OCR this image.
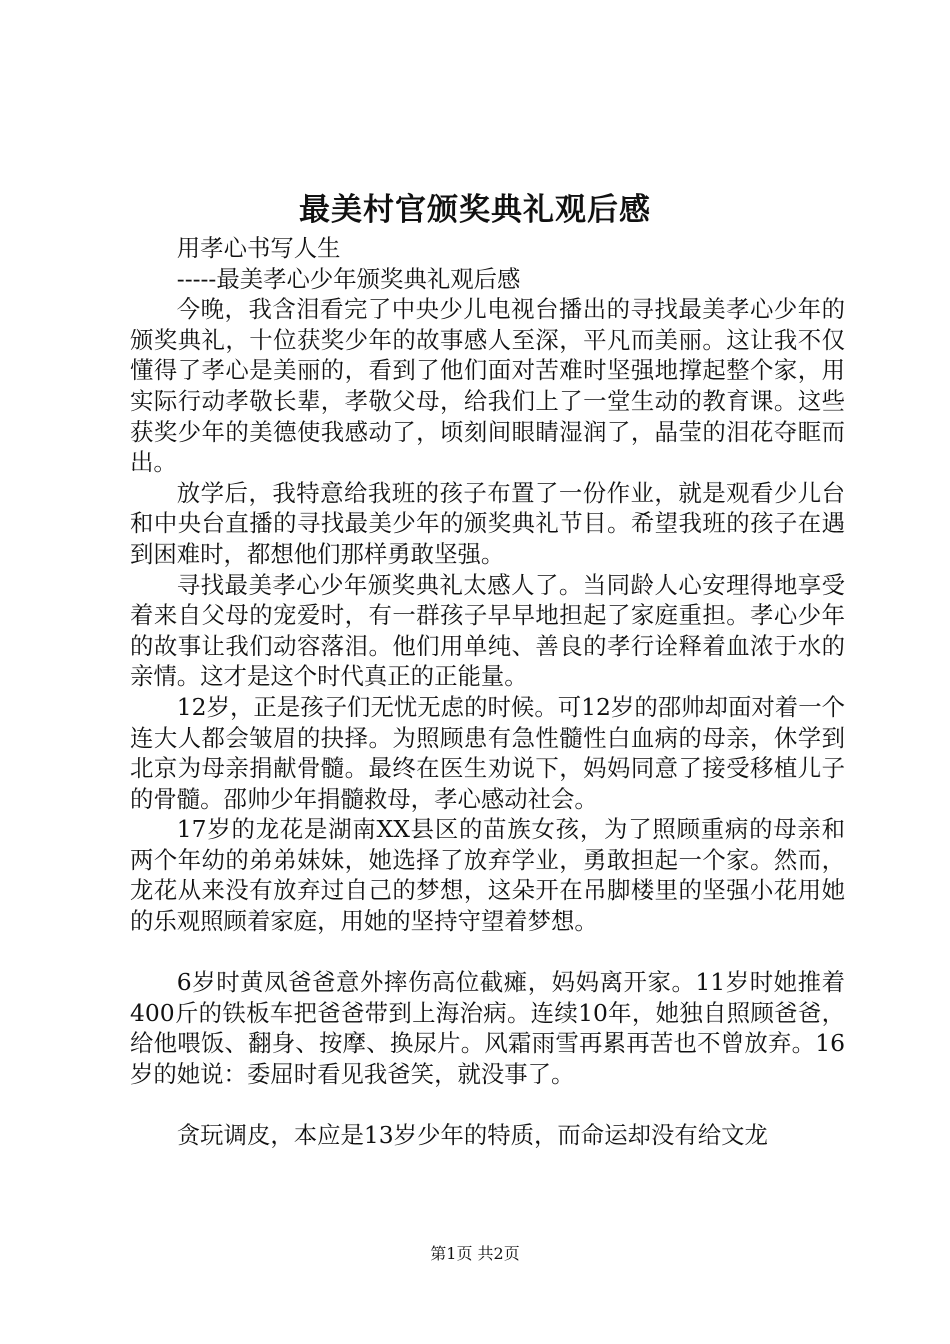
最美村官颁奖典礼观后感

用孝心书写人生

-----最美孝心少年颁奖典礼观后感

今晚，我含泪看完了中央少儿电视台播出的寻找最美孝心少年的颁奖典礼，十位获奖少年的故事感人至深，平凡而美丽。这让我不仅懂得了孝心是美丽的，看到了他们面对苦难时坚强地撑起整个家，用实际行动孝敬长辈，孝敬父母，给我们上了一堂生动的教育课。这些获奖少年的美德使我感动了，顷刻间眼睛湿润了，晶莹的泪花夺眶而出。

放学后，我特意给我班的孩子布置了一份作业，就是观看少儿台和中央台直播的寻找最美少年的颁奖典礼节目。希望我班的孩子在遇到困难时，都想他们那样勇敢坚强。

寻找最美孝心少年颁奖典礼太感人了。当同龄人心安理得地享受着来自父母的宠爱时，有一群孩子早早地担起了家庭重担。孝心少年的故事让我们动容落泪。他们用单纯、善良的孝行诠释着血浓于水的亲情。这才是这个时代真正的正能量。

12岁，正是孩子们无忧无虑的时候。可12岁的邵帅却面对着一个连大人都会皱眉的抉择。为照顾患有急性髓性白血病的母亲，休学到北京为母亲捐献骨髓。最终在医生劝说下，妈妈同意了接受移植儿子的骨髓。邵帅少年捐髓救母，孝心感动社会。

17岁的龙花是湖南XX县区的苗族女孩，为了照顾重病的母亲和两个年幼的弟弟妹妹，她选择了放弃学业，勇敢担起一个家。然而，龙花从来没有放弃过自己的梦想，这朵开在吊脚楼里的坚强小花用她的乐观照顾着家庭，用她的坚持守望着梦想。

6岁时黄凤爸爸意外摔伤高位截瘫，妈妈离开家。11岁时她推着400斤的铁板车把爸爸带到上海治病。连续10年，她独自照顾爸爸，给他喂饭、翻身、按摩、换尿片。风霜雨雪再累再苦也不曾放弃。16岁的她说：委屈时看见我爸笑，就没事了。

贪玩调皮，本应是13岁少年的特质，而命运却没有给文龙

第1页 共2页
